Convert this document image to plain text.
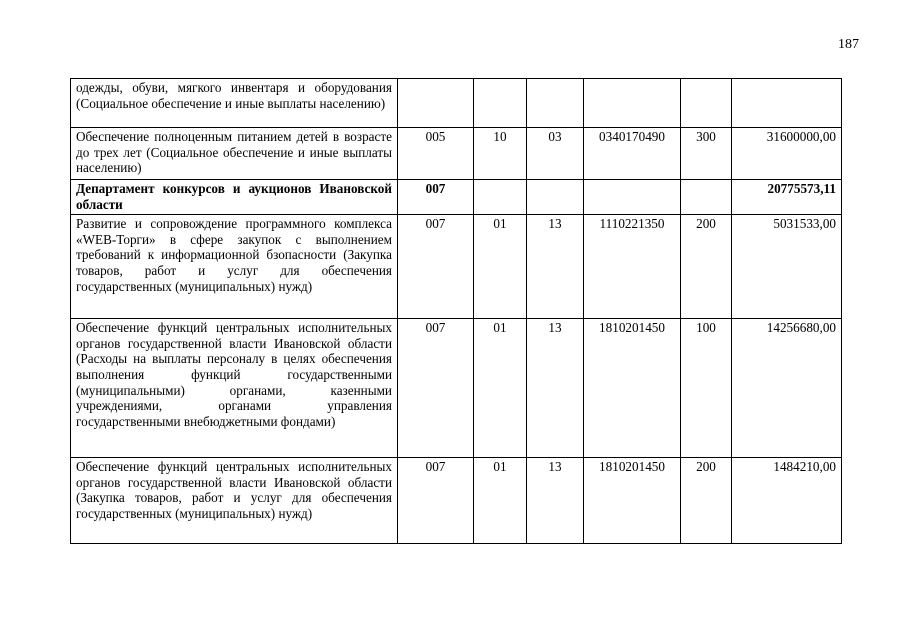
187
одежды, обуви, мягкого инвентаря и оборудования (Социальное обеспечение и иные выплаты населению)						
Обеспечение полноценным питанием детей в возрасте до трех лет (Социальное обеспечение и иные выплаты населению)	005	10	03	0340170490	300	31600000,00
Департамент конкурсов и аукционов Ивановской области	007					20775573,11
Развитие и сопровождение программного комплекса «WEB-Торги» в сфере закупок с выполнением требований к информационной бзопасности (Закупка товаров, работ и услуг для обеспечения государственных (муниципальных) нужд)	007	01	13	1110221350	200	5031533,00
Обеспечение функций центральных исполнительных органов государственной власти Ивановской области (Расходы на выплаты персоналу в целях обеспечения выполнения функций государственными (муниципальными) органами, казенными учреждениями, органами управления государственными внебюджетными фондами)	007	01	13	1810201450	100	14256680,00
Обеспечение функций центральных исполнительных органов государственной власти Ивановской области (Закупка товаров, работ и услуг для обеспечения государственных (муниципальных) нужд)	007	01	13	1810201450	200	1484210,00
